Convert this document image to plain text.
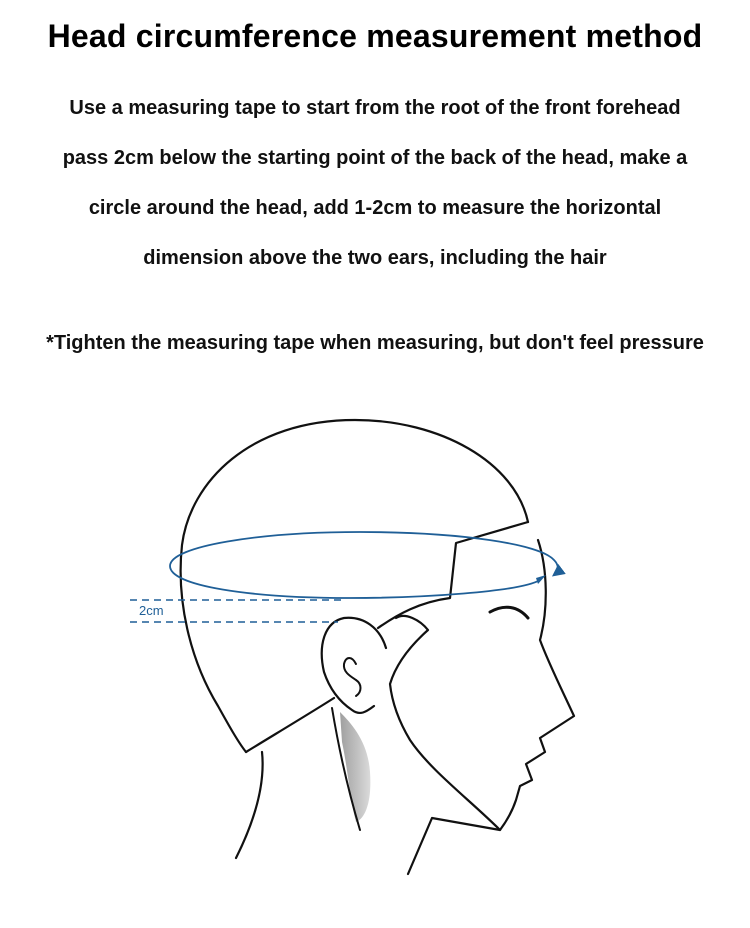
Head circumference measurement method
Use a measuring tape to start from the root of the front forehead
pass 2cm below the starting point of the back of the head, make a
circle around the head, add 1-2cm to measure the horizontal
dimension above the two ears, including the hair
*Tighten the measuring tape when measuring, but don't feel pressure
2cm
